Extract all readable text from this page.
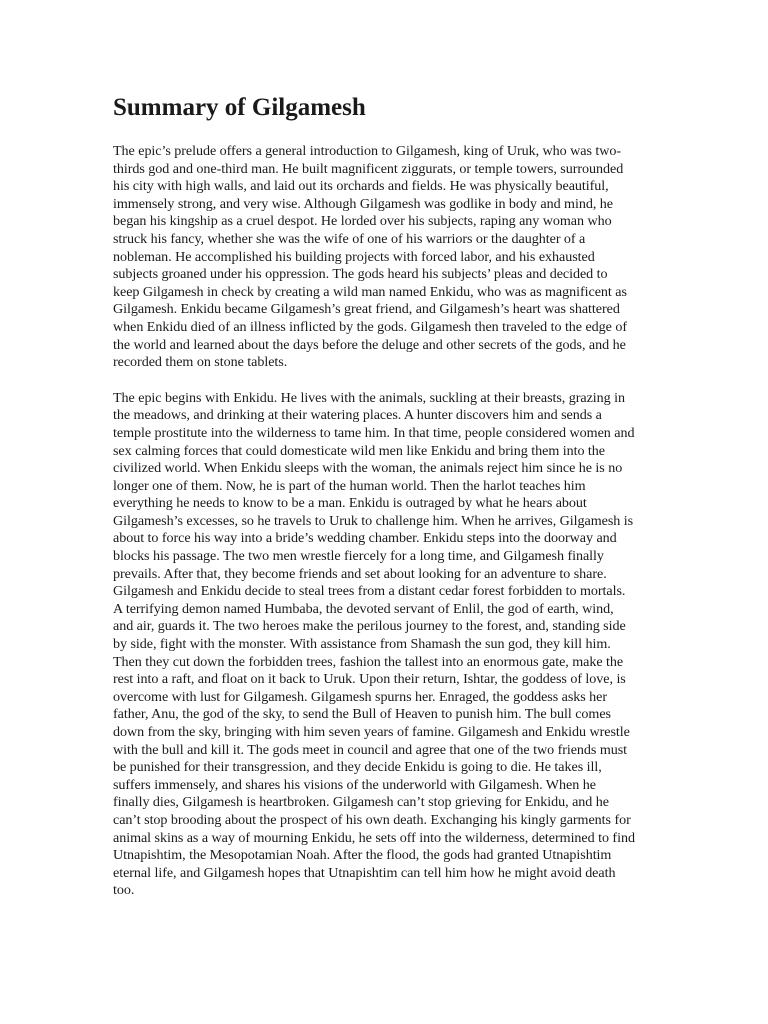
Summary of Gilgamesh

The epic’s prelude offers a general introduction to Gilgamesh, king of Uruk, who was two-thirds god and one-third man. He built magnificent ziggurats, or temple towers, surrounded his city with high walls, and laid out its orchards and fields. He was physically beautiful, immensely strong, and very wise. Although Gilgamesh was godlike in body and mind, he began his kingship as a cruel despot. He lorded over his subjects, raping any woman who struck his fancy, whether she was the wife of one of his warriors or the daughter of a nobleman. He accomplished his building projects with forced labor, and his exhausted subjects groaned under his oppression. The gods heard his subjects’ pleas and decided to keep Gilgamesh in check by creating a wild man named Enkidu, who was as magnificent as Gilgamesh. Enkidu became Gilgamesh’s great friend, and Gilgamesh’s heart was shattered when Enkidu died of an illness inflicted by the gods. Gilgamesh then traveled to the edge of the world and learned about the days before the deluge and other secrets of the gods, and he recorded them on stone tablets.

The epic begins with Enkidu. He lives with the animals, suckling at their breasts, grazing in the meadows, and drinking at their watering places. A hunter discovers him and sends a temple prostitute into the wilderness to tame him. In that time, people considered women and sex calming forces that could domesticate wild men like Enkidu and bring them into the civilized world. When Enkidu sleeps with the woman, the animals reject him since he is no longer one of them. Now, he is part of the human world. Then the harlot teaches him everything he needs to know to be a man. Enkidu is outraged by what he hears about Gilgamesh’s excesses, so he travels to Uruk to challenge him. When he arrives, Gilgamesh is about to force his way into a bride’s wedding chamber. Enkidu steps into the doorway and blocks his passage. The two men wrestle fiercely for a long time, and Gilgamesh finally prevails. After that, they become friends and set about looking for an adventure to share.

Gilgamesh and Enkidu decide to steal trees from a distant cedar forest forbidden to mortals. A terrifying demon named Humbaba, the devoted servant of Enlil, the god of earth, wind, and air, guards it. The two heroes make the perilous journey to the forest, and, standing side by side, fight with the monster. With assistance from Shamash the sun god, they kill him. Then they cut down the forbidden trees, fashion the tallest into an enormous gate, make the rest into a raft, and float on it back to Uruk. Upon their return, Ishtar, the goddess of love, is overcome with lust for Gilgamesh. Gilgamesh spurns her. Enraged, the goddess asks her father, Anu, the god of the sky, to send the Bull of Heaven to punish him. The bull comes down from the sky, bringing with him seven years of famine. Gilgamesh and Enkidu wrestle with the bull and kill it. The gods meet in council and agree that one of the two friends must be punished for their transgression, and they decide Enkidu is going to die. He takes ill, suffers immensely, and shares his visions of the underworld with Gilgamesh. When he finally dies, Gilgamesh is heartbroken. Gilgamesh can’t stop grieving for Enkidu, and he can’t stop brooding about the prospect of his own death. Exchanging his kingly garments for animal skins as a way of mourning Enkidu, he sets off into the wilderness, determined to find Utnapishtim, the Mesopotamian Noah. After the flood, the gods had granted Utnapishtim eternal life, and Gilgamesh hopes that Utnapishtim can tell him how he might avoid death too.
